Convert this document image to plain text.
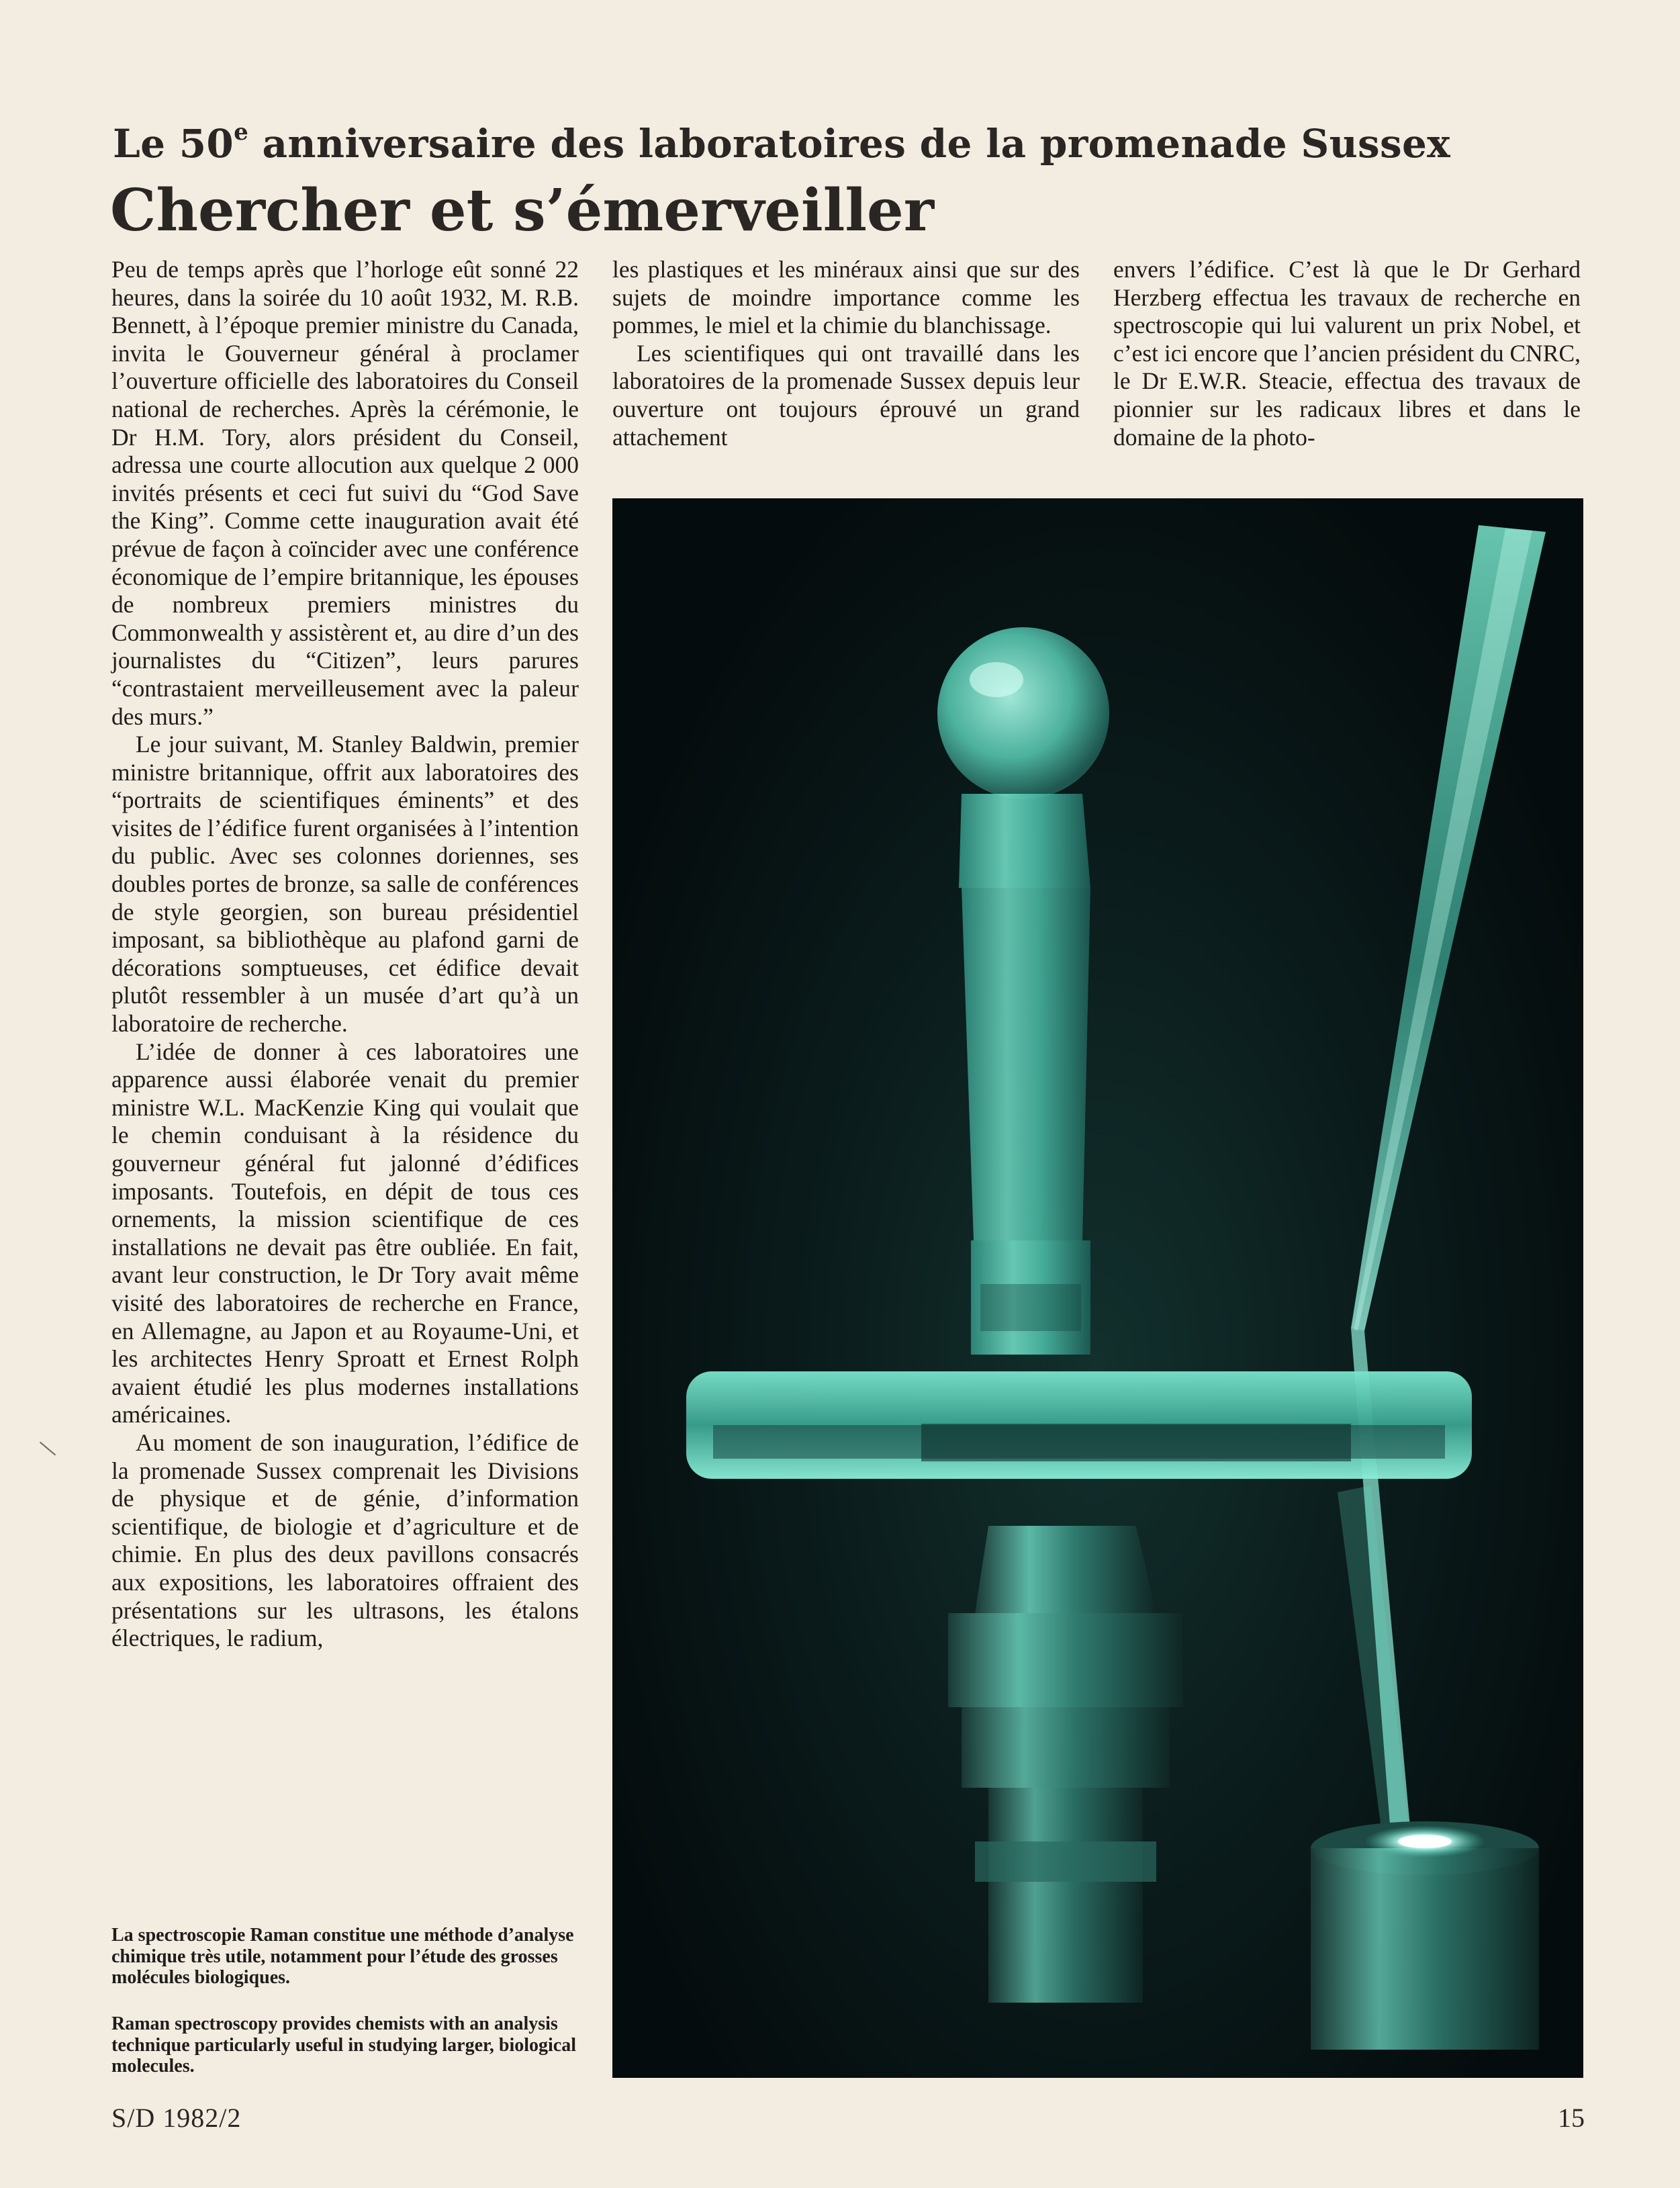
Le 50e anniversaire des laboratoires de la promenade Sussex
Chercher et s’émerveiller

Peu de temps après que l’horloge eût sonné 22 heures, dans la soirée du 10 août 1932, M. R.B. Bennett, à l’époque premier ministre du Canada, invita le Gouverneur général à proclamer l’ouverture officielle des laboratoires du Conseil national de recherches. Après la cérémonie, le Dr H.M. Tory, alors président du Conseil, adressa une courte allocution aux quelque 2 000 invités présents et ceci fut suivi du “God Save the King”. Comme cette inauguration avait été prévue de façon à coïncider avec une conférence économique de l’empire britannique, les épouses de nombreux premiers ministres du Commonwealth y assistèrent et, au dire d’un des journalistes du “Citizen”, leurs parures “contrastaient merveilleusement avec la paleur des murs.”

Le jour suivant, M. Stanley Baldwin, premier ministre britannique, offrit aux laboratoires des “portraits de scientifiques éminents” et des visites de l’édifice furent organisées à l’intention du public. Avec ses colonnes doriennes, ses doubles portes de bronze, sa salle de conférences de style georgien, son bureau présidentiel imposant, sa bibliothèque au plafond garni de décorations somptueuses, cet édifice devait plutôt ressembler à un musée d’art qu’à un laboratoire de recherche.

L’idée de donner à ces laboratoires une apparence aussi élaborée venait du premier ministre W.L. MacKenzie King qui voulait que le chemin conduisant à la résidence du gouverneur général fut jalonné d’édifices imposants. Toutefois, en dépit de tous ces ornements, la mission scientifique de ces installations ne devait pas être oubliée. En fait, avant leur construction, le Dr Tory avait même visité des laboratoires de recherche en France, en Allemagne, au Japon et au Royaume-Uni, et les architectes Henry Sproatt et Ernest Rolph avaient étudié les plus modernes installations américaines.

Au moment de son inauguration, l’édifice de la promenade Sussex comprenait les Divisions de physique et de génie, d’information scientifique, de biologie et d’agriculture et de chimie. En plus des deux pavillons consacrés aux expositions, les laboratoires offraient des présentations sur les ultrasons, les étalons électriques, le radium,

les plastiques et les minéraux ainsi que sur des sujets de moindre importance comme les pommes, le miel et la chimie du blanchissage.

Les scientifiques qui ont travaillé dans les laboratoires de la promenade Sussex depuis leur ouverture ont toujours éprouvé un grand attachement

envers l’édifice. C’est là que le Dr Gerhard Herzberg effectua les travaux de recherche en spectroscopie qui lui valurent un prix Nobel, et c’est ici encore que l’ancien président du CNRC, le Dr E.W.R. Steacie, effectua des travaux de pionnier sur les radicaux libres et dans le domaine de la photo-

La spectroscopie Raman constitue une méthode d’analyse chimique très utile, notamment pour l’étude des grosses molécules biologiques.

Raman spectroscopy provides chemists with an analysis technique particularly useful in studying larger, biological molecules.

S/D 1982/2	15
